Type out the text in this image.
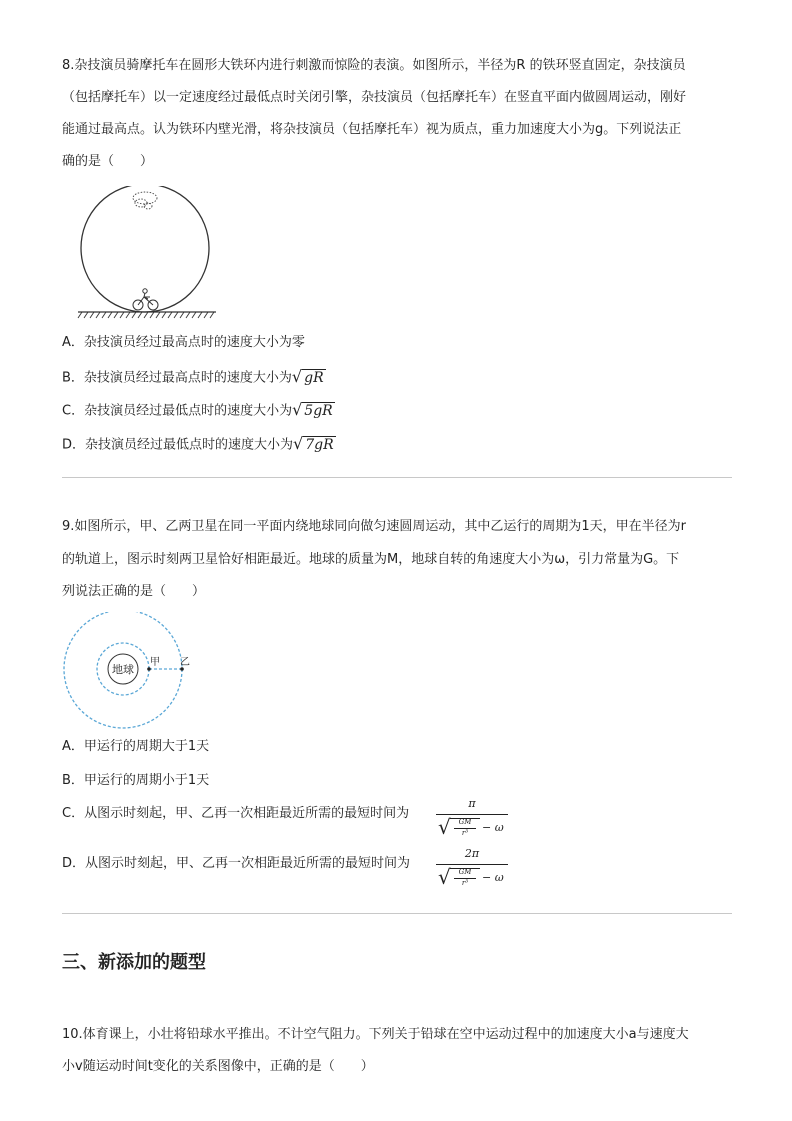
8.杂技演员骑摩托车在圆形大铁环内进行刺激而惊险的表演。如图所示，半径为R 的铁环竖直固定，杂技演员
（包括摩托车）以一定速度经过最低点时关闭引擎，杂技演员（包括摩托车）在竖直平面内做圆周运动，刚好
能通过最高点。认为铁环内壁光滑，将杂技演员（包括摩托车）视为质点，重力加速度大小为g。下列说法正
确的是（　　）
A．杂技演员经过最高点时的速度大小为零
B．杂技演员经过最高点时的速度大小为√ gR
C．杂技演员经过最低点时的速度大小为√ 5gR
D．杂技演员经过最低点时的速度大小为√ 7gR
9.如图所示，甲、乙两卫星在同一平面内绕地球同向做匀速圆周运动，其中乙运行的周期为1天，甲在半径为r
的轨道上，图示时刻两卫星恰好相距最近。地球的质量为M，地球自转的角速度大小为ω，引力常量为G。下
列说法正确的是（　　）
地球
甲 乙
A．甲运行的周期大于1天
B．甲运行的周期小于1天
C．从图示时刻起，甲、乙再一次相距最近所需的最短时间为
π
√	GM
r³	− ω
D．从图示时刻起，甲、乙再一次相距最近所需的最短时间为
2π
√	GM
r³	− ω
三、新添加的题型
10.体育课上，小壮将铅球水平推出。不计空气阻力。下列关于铅球在空中运动过程中的加速度大小a与速度大
小v随运动时间t变化的关系图像中，正确的是（　　）
